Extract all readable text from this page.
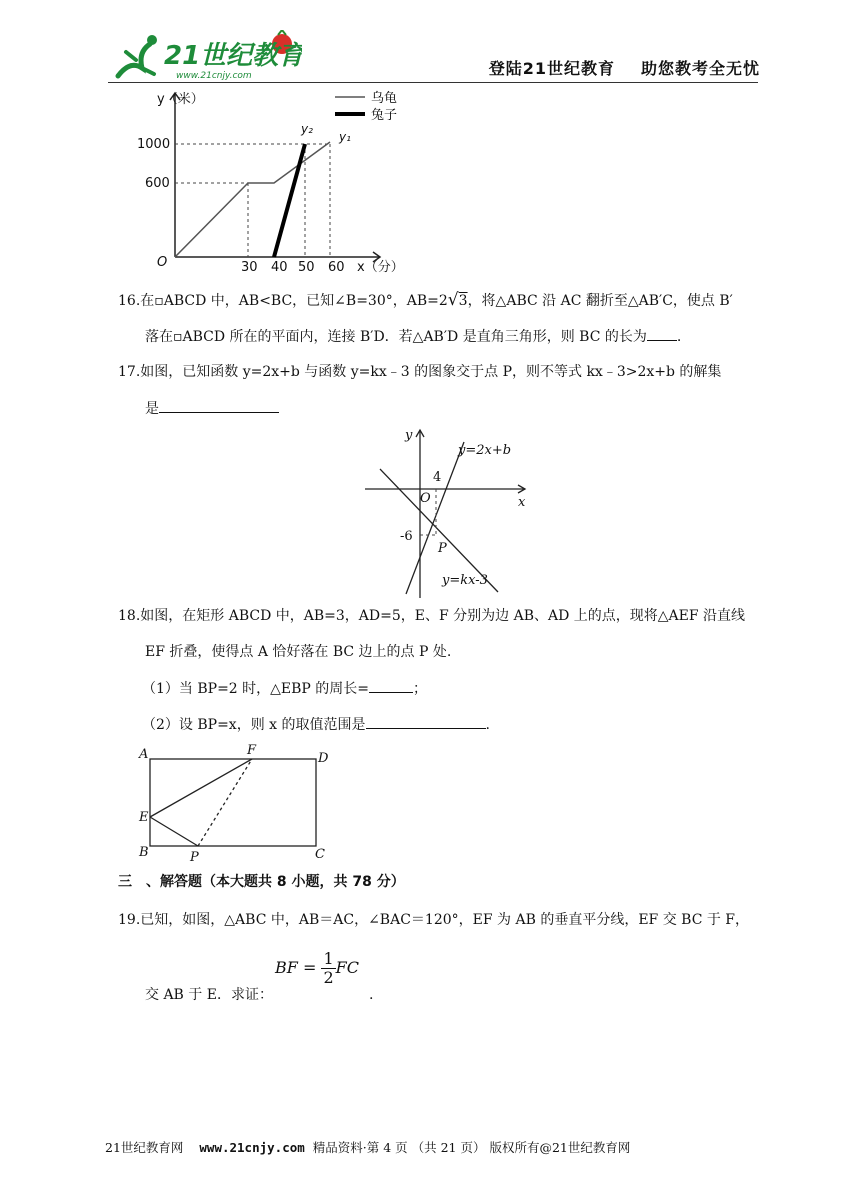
21世纪教育
www.21cnjy.com	登陆21世纪教育 助您教考全无忧
y（米）
x（分）
O
1000
600
30 40 50 60
y₂
y₁
乌龟
兔子
16.在▫ABCD 中，AB<BC，已知∠B=30°，AB=2√3，将△ABC 沿 AC 翻折至△AB′C，使点 B′
落在▫ABCD 所在的平面内，连接 B′D．若△AB′D 是直角三角形，则 BC 的长为 .
17.如图，已知函数 y=2x+b 与函数 y=kx﹣3 的图象交于点 P，则不等式 kx﹣3>2x+b 的解集
是
y
x
O
4
-6
P
y=2x+b
y=kx-3
18.如图，在矩形 ABCD 中，AB=3，AD=5，E、F 分别为边 AB、AD 上的点，现将△AEF 沿直线
EF 折叠，使得点 A 恰好落在 BC 边上的点 P 处.
（1）当 BP=2 时，△EBP 的周长=	；
（2）设 BP=x，则 x 的取值范围是	.
A	D
F
E
B	P	C
三　、解答题（本大题共 8 小题，共 78 分）
19.已知，如图，△ABC 中，AB＝AC，∠BAC＝120°，EF 为 AB 的垂直平分线，EF 交 BC 于 F，
交 AB 于 E．求证：
BF = $\frac{1}{2}$ FC
.
21世纪教育网 www.21cnjy.com 精品资料·第 4 页 （共 21 页） 版权所有@21世纪教育网
